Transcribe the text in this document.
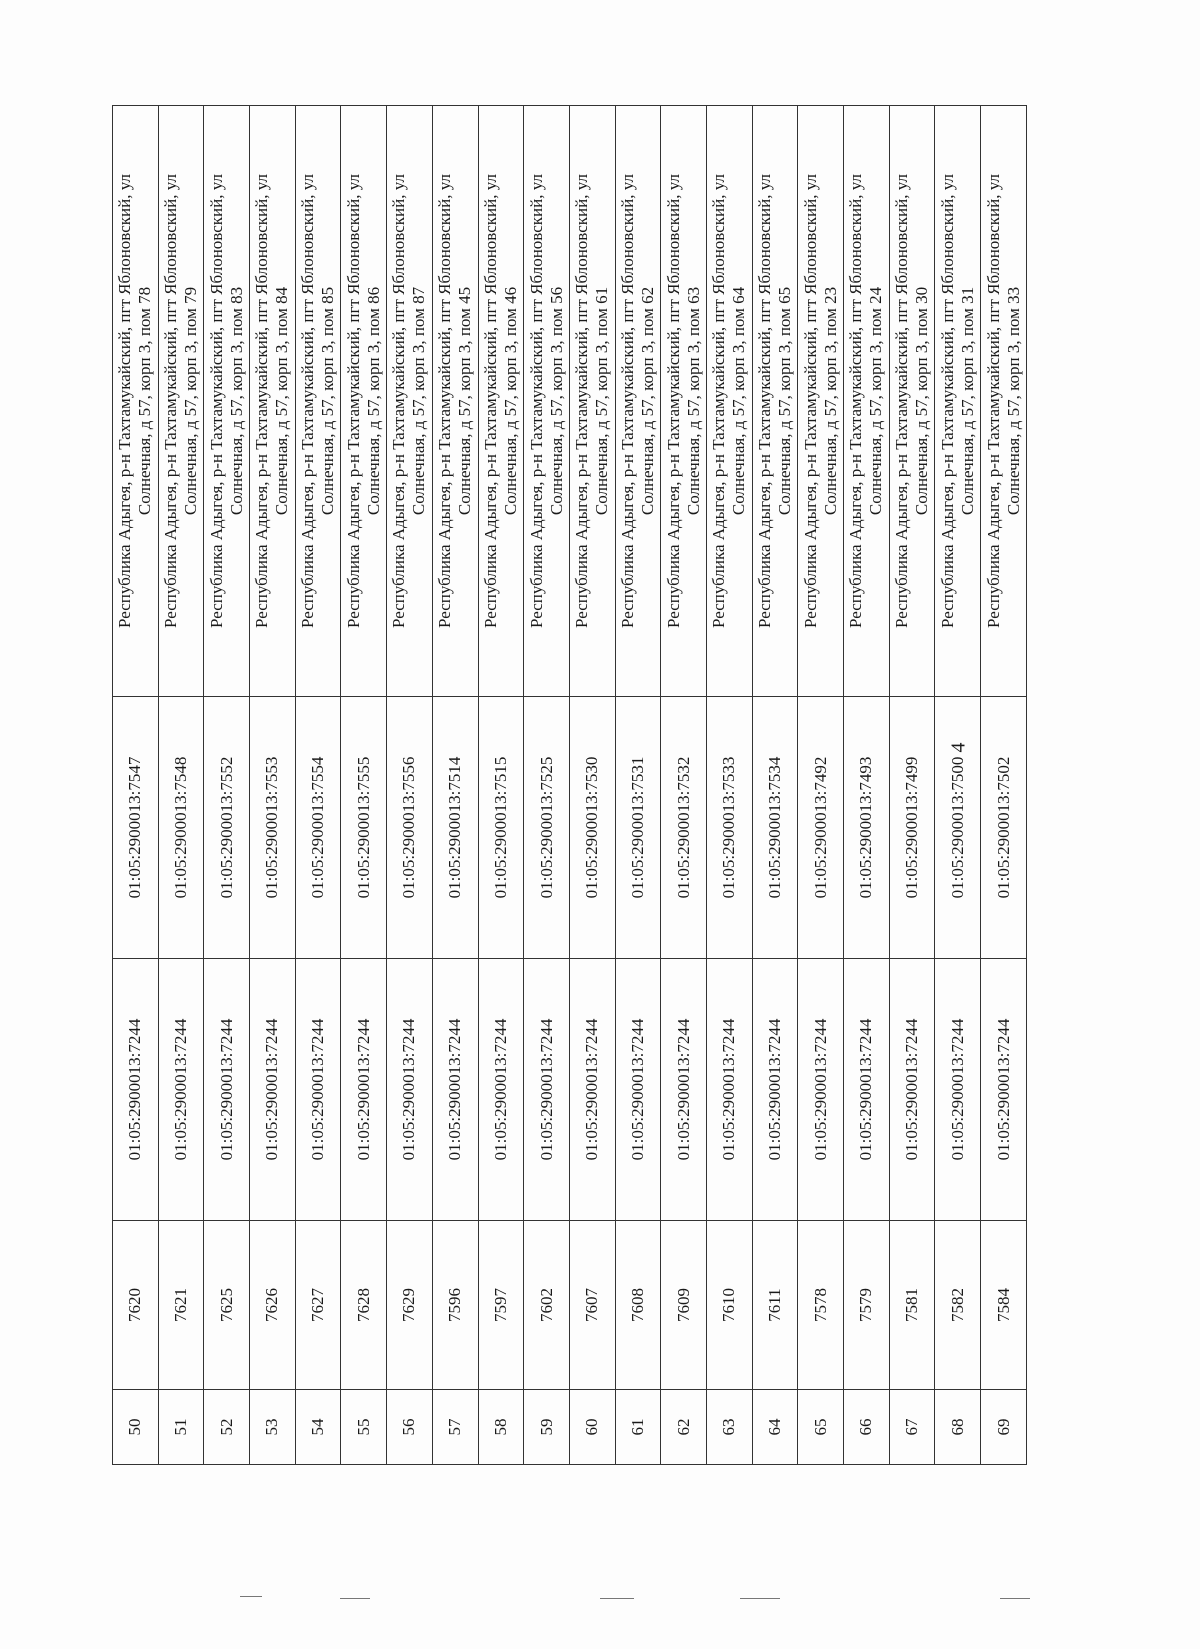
50	7620	01:05:2900013:7244	01:05:2900013:7547	Республика Адыгея, р-н Тахтамукайский, пгт Яблоновский, ул
Солнечная, д 57, корп 3, пом 78
51	7621	01:05:2900013:7244	01:05:2900013:7548	Республика Адыгея, р-н Тахтамукайский, пгт Яблоновский, ул
Солнечная, д 57, корп 3, пом 79
52	7625	01:05:2900013:7244	01:05:2900013:7552	Республика Адыгея, р-н Тахтамукайский, пгт Яблоновский, ул
Солнечная, д 57, корп 3, пом 83
53	7626	01:05:2900013:7244	01:05:2900013:7553	Республика Адыгея, р-н Тахтамукайский, пгт Яблоновский, ул
Солнечная, д 57, корп 3, пом 84
54	7627	01:05:2900013:7244	01:05:2900013:7554	Республика Адыгея, р-н Тахтамукайский, пгт Яблоновский, ул
Солнечная, д 57, корп 3, пом 85
55	7628	01:05:2900013:7244	01:05:2900013:7555	Республика Адыгея, р-н Тахтамукайский, пгт Яблоновский, ул
Солнечная, д 57, корп 3, пом 86
56	7629	01:05:2900013:7244	01:05:2900013:7556	Республика Адыгея, р-н Тахтамукайский, пгт Яблоновский, ул
Солнечная, д 57, корп 3, пом 87
57	7596	01:05:2900013:7244	01:05:2900013:7514	Республика Адыгея, р-н Тахтамукайский, пгт Яблоновский, ул
Солнечная, д 57, корп 3, пом 45
58	7597	01:05:2900013:7244	01:05:2900013:7515	Республика Адыгея, р-н Тахтамукайский, пгт Яблоновский, ул
Солнечная, д 57, корп 3, пом 46
59	7602	01:05:2900013:7244	01:05:2900013:7525	Республика Адыгея, р-н Тахтамукайский, пгт Яблоновский, ул
Солнечная, д 57, корп 3, пом 56
60	7607	01:05:2900013:7244	01:05:2900013:7530	Республика Адыгея, р-н Тахтамукайский, пгт Яблоновский, ул
Солнечная, д 57, корп 3, пом 61
61	7608	01:05:2900013:7244	01:05:2900013:7531	Республика Адыгея, р-н Тахтамукайский, пгт Яблоновский, ул
Солнечная, д 57, корп 3, пом 62
62	7609	01:05:2900013:7244	01:05:2900013:7532	Республика Адыгея, р-н Тахтамукайский, пгт Яблоновский, ул
Солнечная, д 57, корп 3, пом 63
63	7610	01:05:2900013:7244	01:05:2900013:7533	Республика Адыгея, р-н Тахтамукайский, пгт Яблоновский, ул
Солнечная, д 57, корп 3, пом 64
64	7611	01:05:2900013:7244	01:05:2900013:7534	Республика Адыгея, р-н Тахтамукайский, пгт Яблоновский, ул
Солнечная, д 57, корп 3, пом 65
65	7578	01:05:2900013:7244	01:05:2900013:7492	Республика Адыгея, р-н Тахтамукайский, пгт Яблоновский, ул
Солнечная, д 57, корп 3, пом 23
66	7579	01:05:2900013:7244	01:05:2900013:7493	Республика Адыгея, р-н Тахтамукайский, пгт Яблоновский, ул
Солнечная, д 57, корп 3, пом 24
67	7581	01:05:2900013:7244	01:05:2900013:7499	Республика Адыгея, р-н Тахтамукайский, пгт Яблоновский, ул
Солнечная, д 57, корп 3, пом 30
68	7582	01:05:2900013:7244	01:05:2900013:7500	Республика Адыгея, р-н Тахтамукайский, пгт Яблоновский, ул
Солнечная, д 57, корп 3, пом 31
69	7584	01:05:2900013:7244	01:05:2900013:7502	Республика Адыгея, р-н Тахтамукайский, пгт Яблоновский, ул
Солнечная, д 57, корп 3, пом 33
4
